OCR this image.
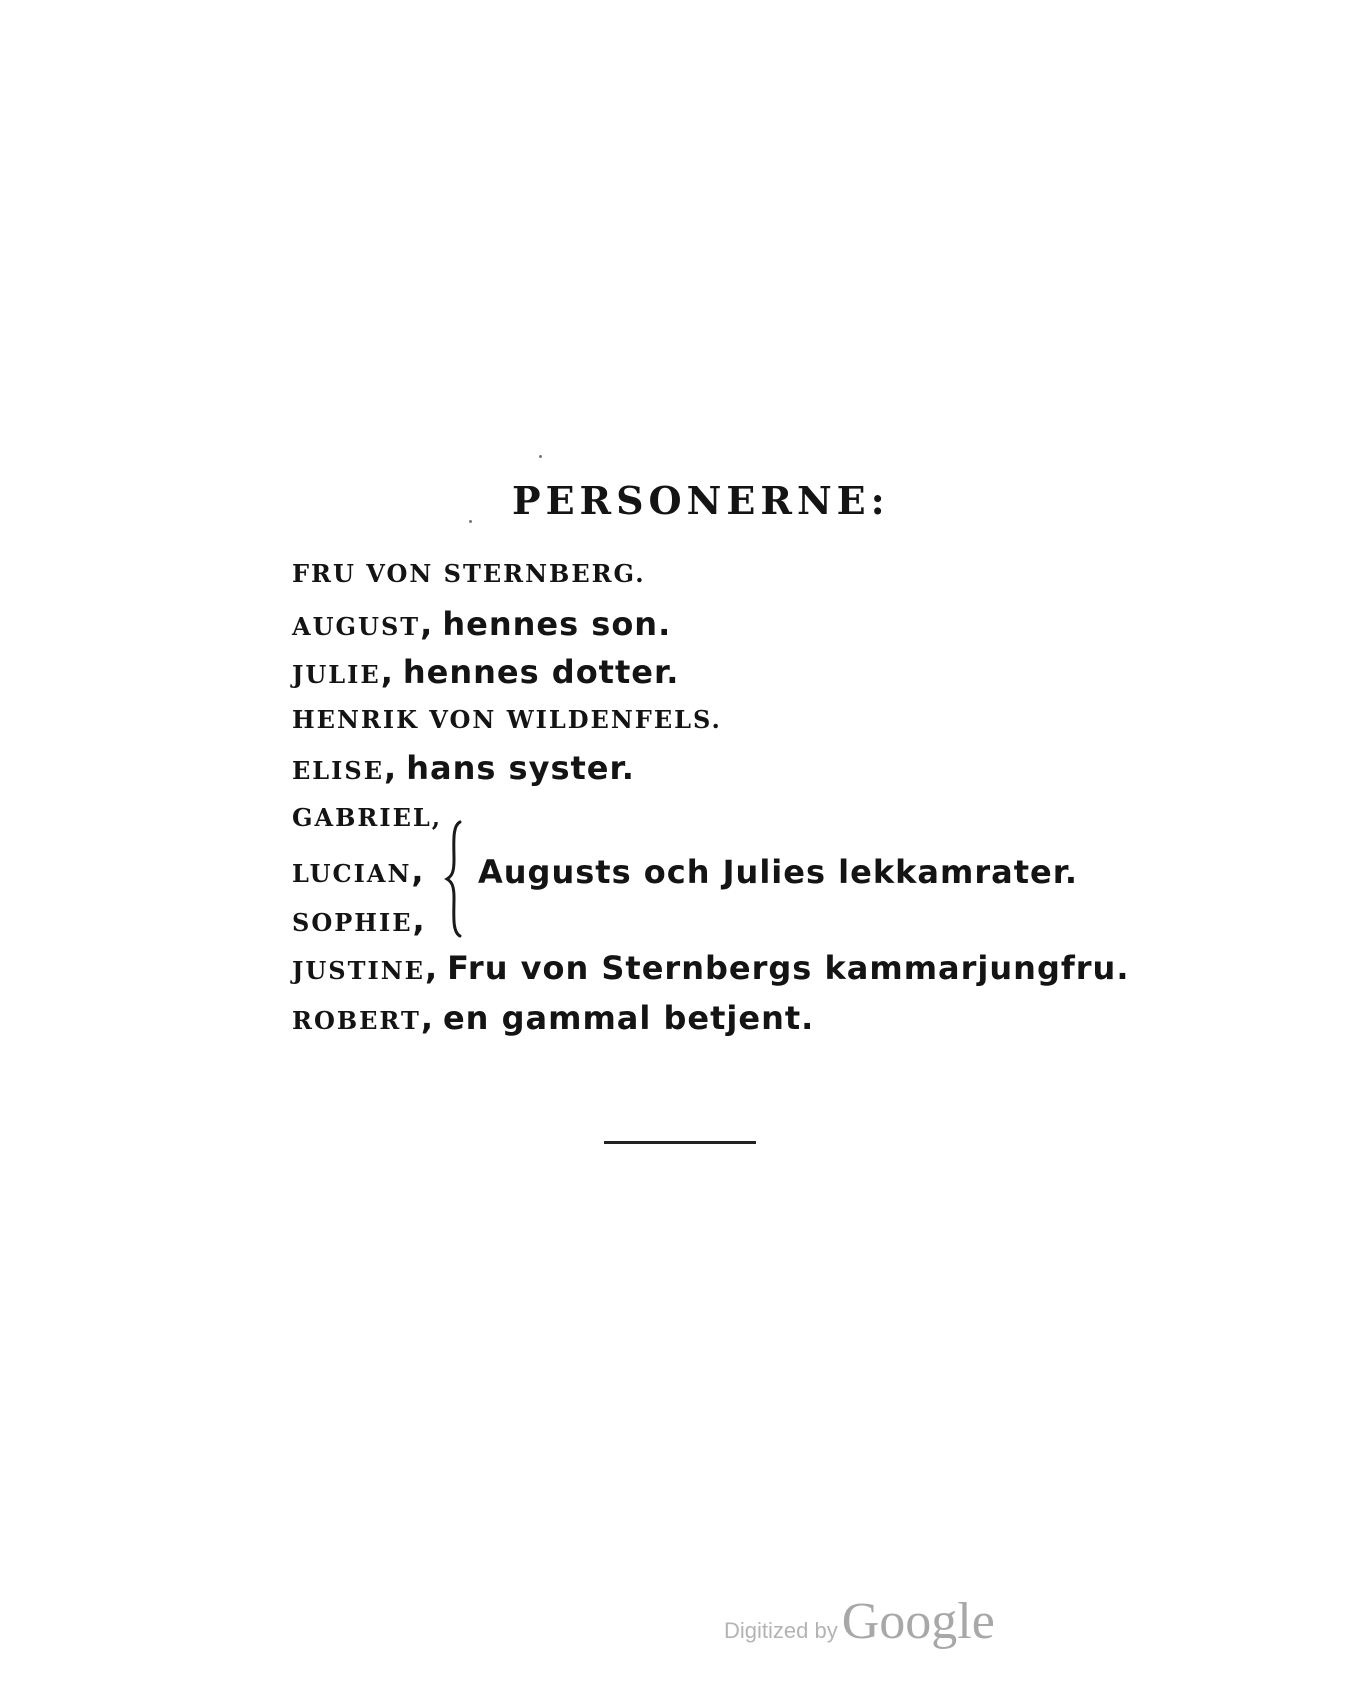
PERSONERNE:
FRU VON STERNBERG.
AUGUST, hennes son.
JULIE, hennes dotter.
HENRIK VON WILDENFELS.
ELISE, hans syster.
GABRIEL,
LUCIAN,
SOPHIE,
Augusts och Julies lekkamrater.
JUSTINE, Fru von Sternbergs kammarjungfru.
ROBERT, en gammal betjent.
Digitized byGoogle
